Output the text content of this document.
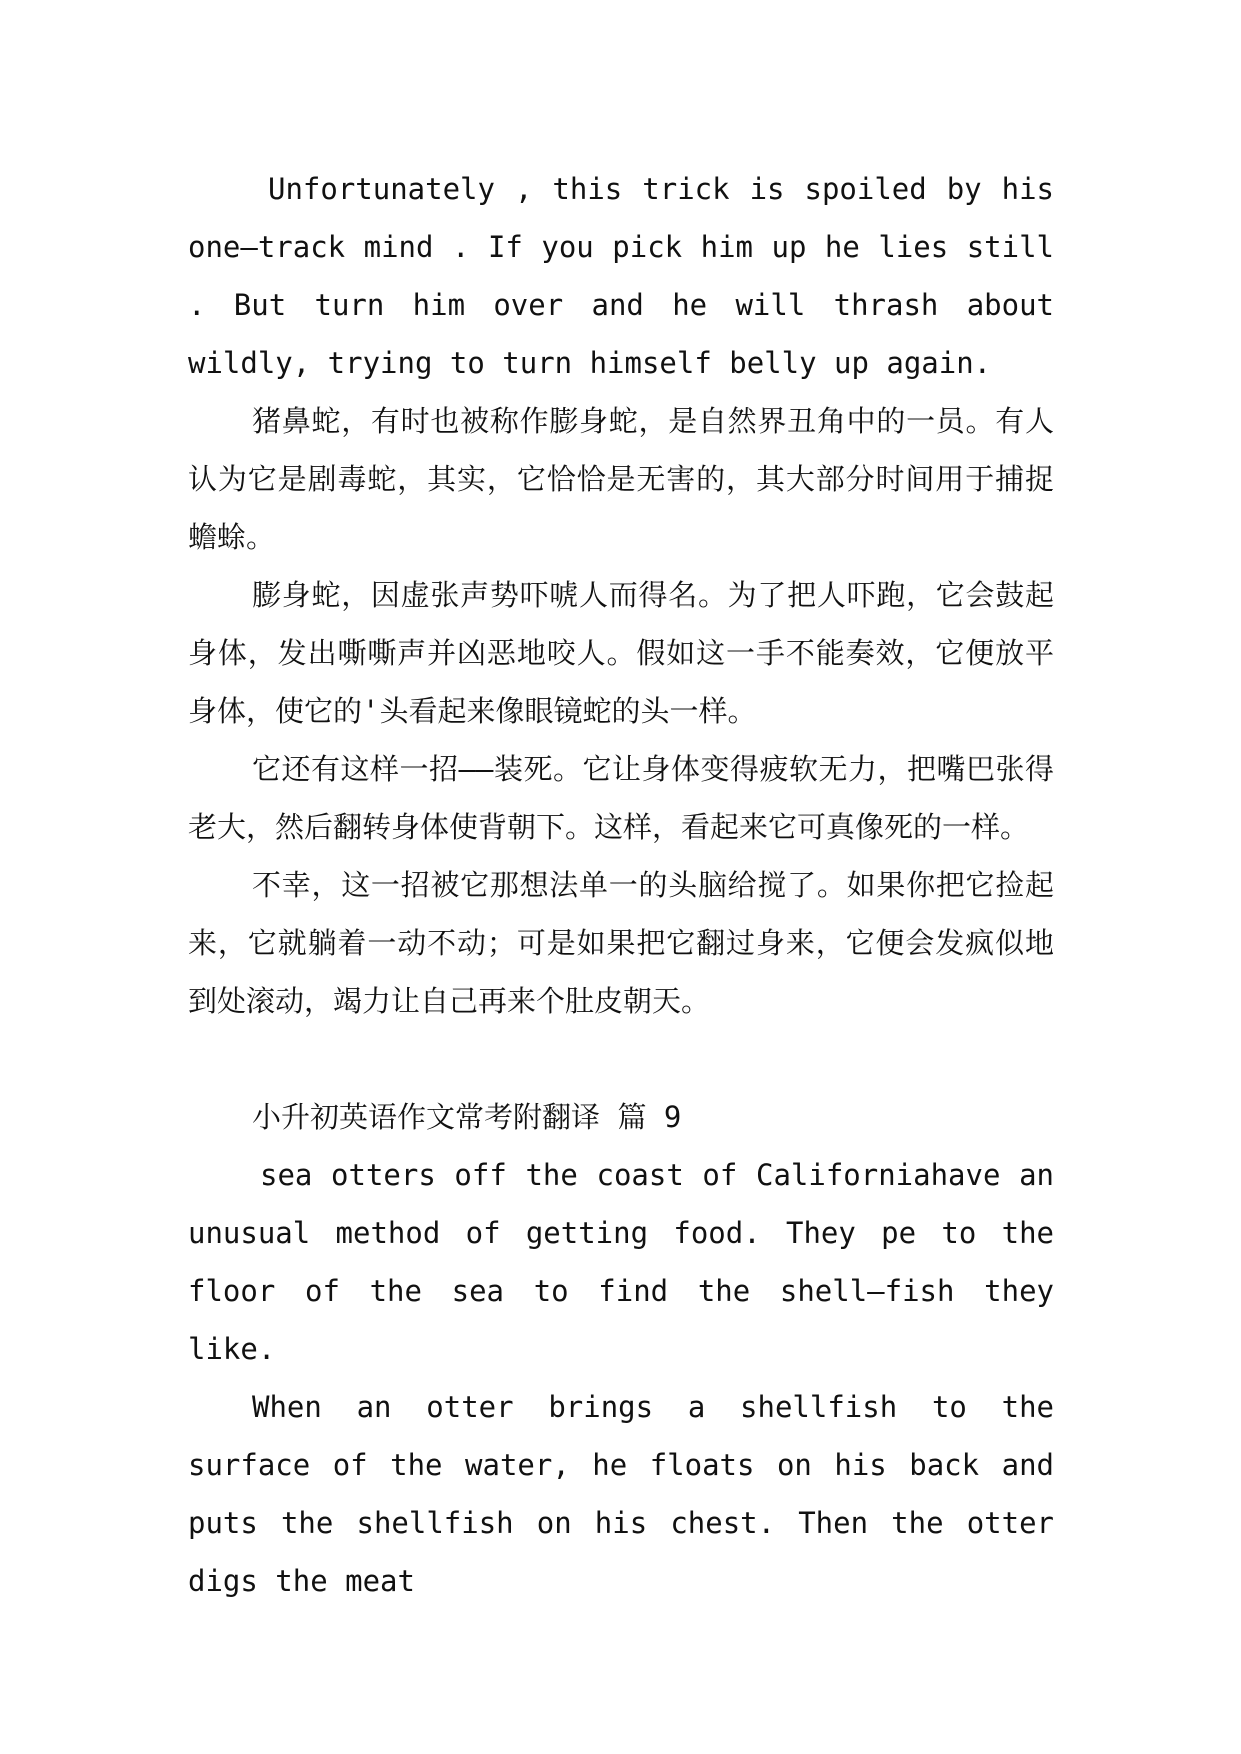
Unfortunately , this trick is spoiled by his one—track mind . If you pick him up he lies still . But turn him over and he will thrash about wildly, trying to turn himself belly up again.

猪鼻蛇，有时也被称作膨身蛇，是自然界丑角中的一员。有人认为它是剧毒蛇，其实，它恰恰是无害的，其大部分时间用于捕捉蟾蜍。

膨身蛇，因虚张声势吓唬人而得名。为了把人吓跑，它会鼓起身体，发出嘶嘶声并凶恶地咬人。假如这一手不能奏效，它便放平身体，使它的'头看起来像眼镜蛇的头一样。

它还有这样一招——装死。它让身体变得疲软无力，把嘴巴张得老大，然后翻转身体使背朝下。这样，看起来它可真像死的一样。

不幸，这一招被它那想法单一的头脑给搅了。如果你把它捡起来，它就躺着一动不动；可是如果把它翻过身来，它便会发疯似地到处滚动，竭力让自己再来个肚皮朝天。

小升初英语作文常考附翻译 篇 9

sea otters off the coast of Californiahave an unusual method of getting food. They pe to the floor of the sea to find the shell—fish they like.

When an otter brings a shellfish to the surface of the water, he floats on his back and puts the shellfish on his chest. Then the otter digs the meat
